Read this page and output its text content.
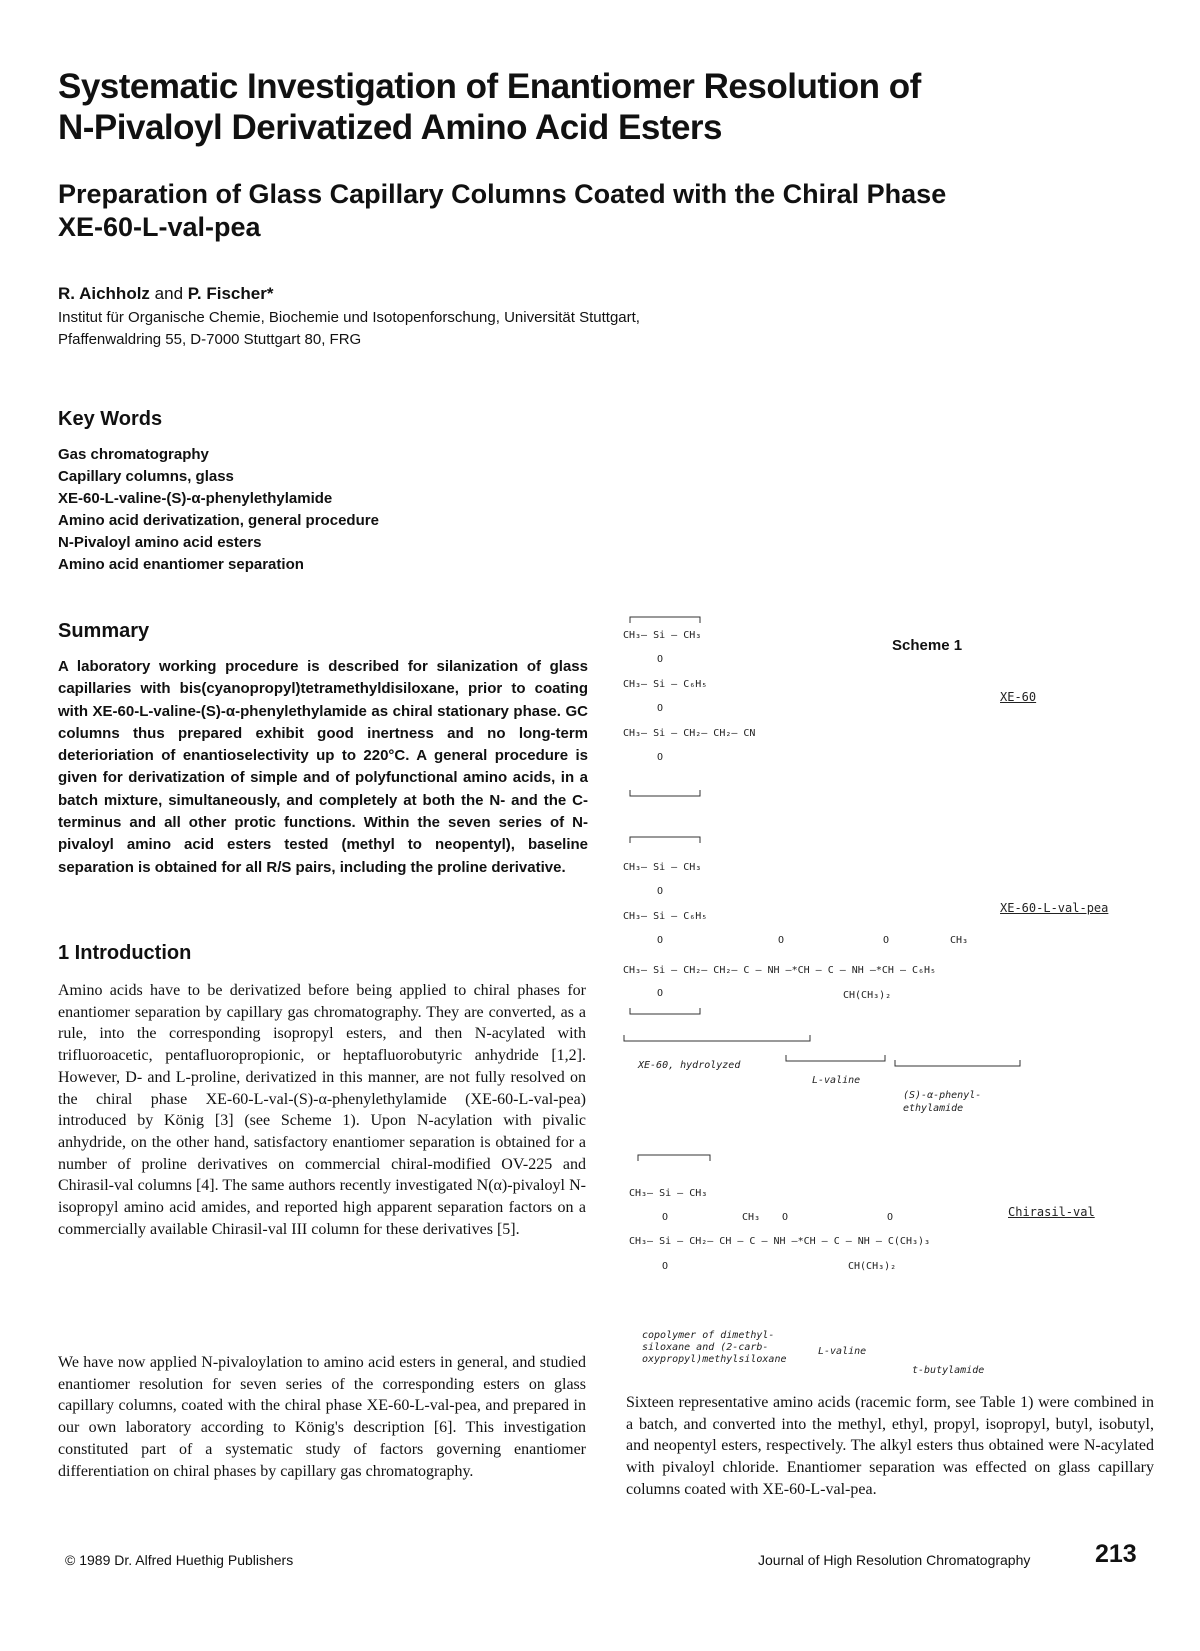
Systematic Investigation of Enantiomer Resolution of
N-Pivaloyl Derivatized Amino Acid Esters
Preparation of Glass Capillary Columns Coated with the Chiral Phase
XE-60-L-val-pea
R. Aichholz and P. Fischer*
Institut für Organische Chemie, Biochemie und Isotopenforschung, Universität Stuttgart,
Pfaffenwaldring 55, D-7000 Stuttgart 80, FRG
Key Words
Gas chromatography
Capillary columns, glass
XE-60-L-valine-(S)-α-phenylethylamide
Amino acid derivatization, general procedure
N-Pivaloyl amino acid esters
Amino acid enantiomer separation
Summary
A laboratory working procedure is described for silanization of glass capillaries with bis(cyanopropyl)tetramethyldisiloxane, prior to coating with XE-60-L-valine-(S)-α-phenylethylamide as chiral stationary phase. GC columns thus prepared exhibit good inertness and no long-term deterioriation of enantioselectivity up to 220°C. A general procedure is given for derivatization of simple and of polyfunctional amino acids, in a batch mixture, simultaneously, and completely at both the N- and the C-terminus and all other protic functions. Within the seven series of N-pivaloyl amino acid esters tested (methyl to neopentyl), baseline separation is obtained for all R/S pairs, including the proline derivative.
1 Introduction
Amino acids have to be derivatized before being applied to chiral phases for enantiomer separation by capillary gas chromatography. They are converted, as a rule, into the corresponding isopropyl esters, and then N-acylated with trifluoroacetic, pentafluoropropionic, or heptafluorobutyric anhydride [1,2]. However, D- and L-proline, derivatized in this manner, are not fully resolved on the chiral phase XE-60-L-val-(S)-α-phenylethylamide (XE-60-L-val-pea) introduced by König [3] (see Scheme 1). Upon N-acylation with pivalic anhydride, on the other hand, satisfactory enantiomer separation is obtained for a number of proline derivatives on commercial chiral-modified OV-225 and Chirasil-val columns [4]. The same authors recently investigated N(α)-pivaloyl N-isopropyl amino acid amides, and reported high apparent separation factors on a commercially available Chirasil-val III column for these derivatives [5].
We have now applied N-pivaloylation to amino acid esters in general, and studied enantiomer resolution for seven series of the corresponding esters on glass capillary columns, coated with the chiral phase XE-60-L-val-pea, and prepared in our own laboratory according to König's description [6]. This investigation constituted part of a systematic study of factors governing enantiomer differentiation on chiral phases by capillary gas chromatography.
Sixteen representative amino acids (racemic form, see Table 1) were combined in a batch, and converted into the methyl, ethyl, propyl, isopropyl, butyl, isobutyl, and neopentyl esters, respectively. The alkyl esters thus obtained were N-acylated with pivaloyl chloride. Enantiomer separation was effected on glass capillary columns coated with XE-60-L-val-pea.
Scheme 1
CH₃– Si – CH₃
O
CH₃– Si – C₆H₅
O
CH₃– Si – CH₂– CH₂– CN
O
XE-60
CH₃– Si – CH₃
O
CH₃– Si – C₆H₅
O	O	O	CH₃
CH₃– Si – CH₂– CH₂– C – NH –*CH – C – NH –*CH – C₆H₅
CH(CH₃)₂
O
XE-60-L-val-pea
XE-60, hydrolyzed
L-valine
(S)-α-phenyl-
ethylamide
CH₃– Si – CH₃
O	CH₃ O	O
CH₃– Si – CH₂– CH – C – NH –*CH – C – NH – C(CH₃)₃
CH(CH₃)₂
O
Chirasil-val
copolymer of dimethyl-
siloxane and (2-carb-
oxypropyl)methylsiloxane
L-valine
t-butylamide
© 1989 Dr. Alfred Huethig Publishers	Journal of High Resolution Chromatography	213
